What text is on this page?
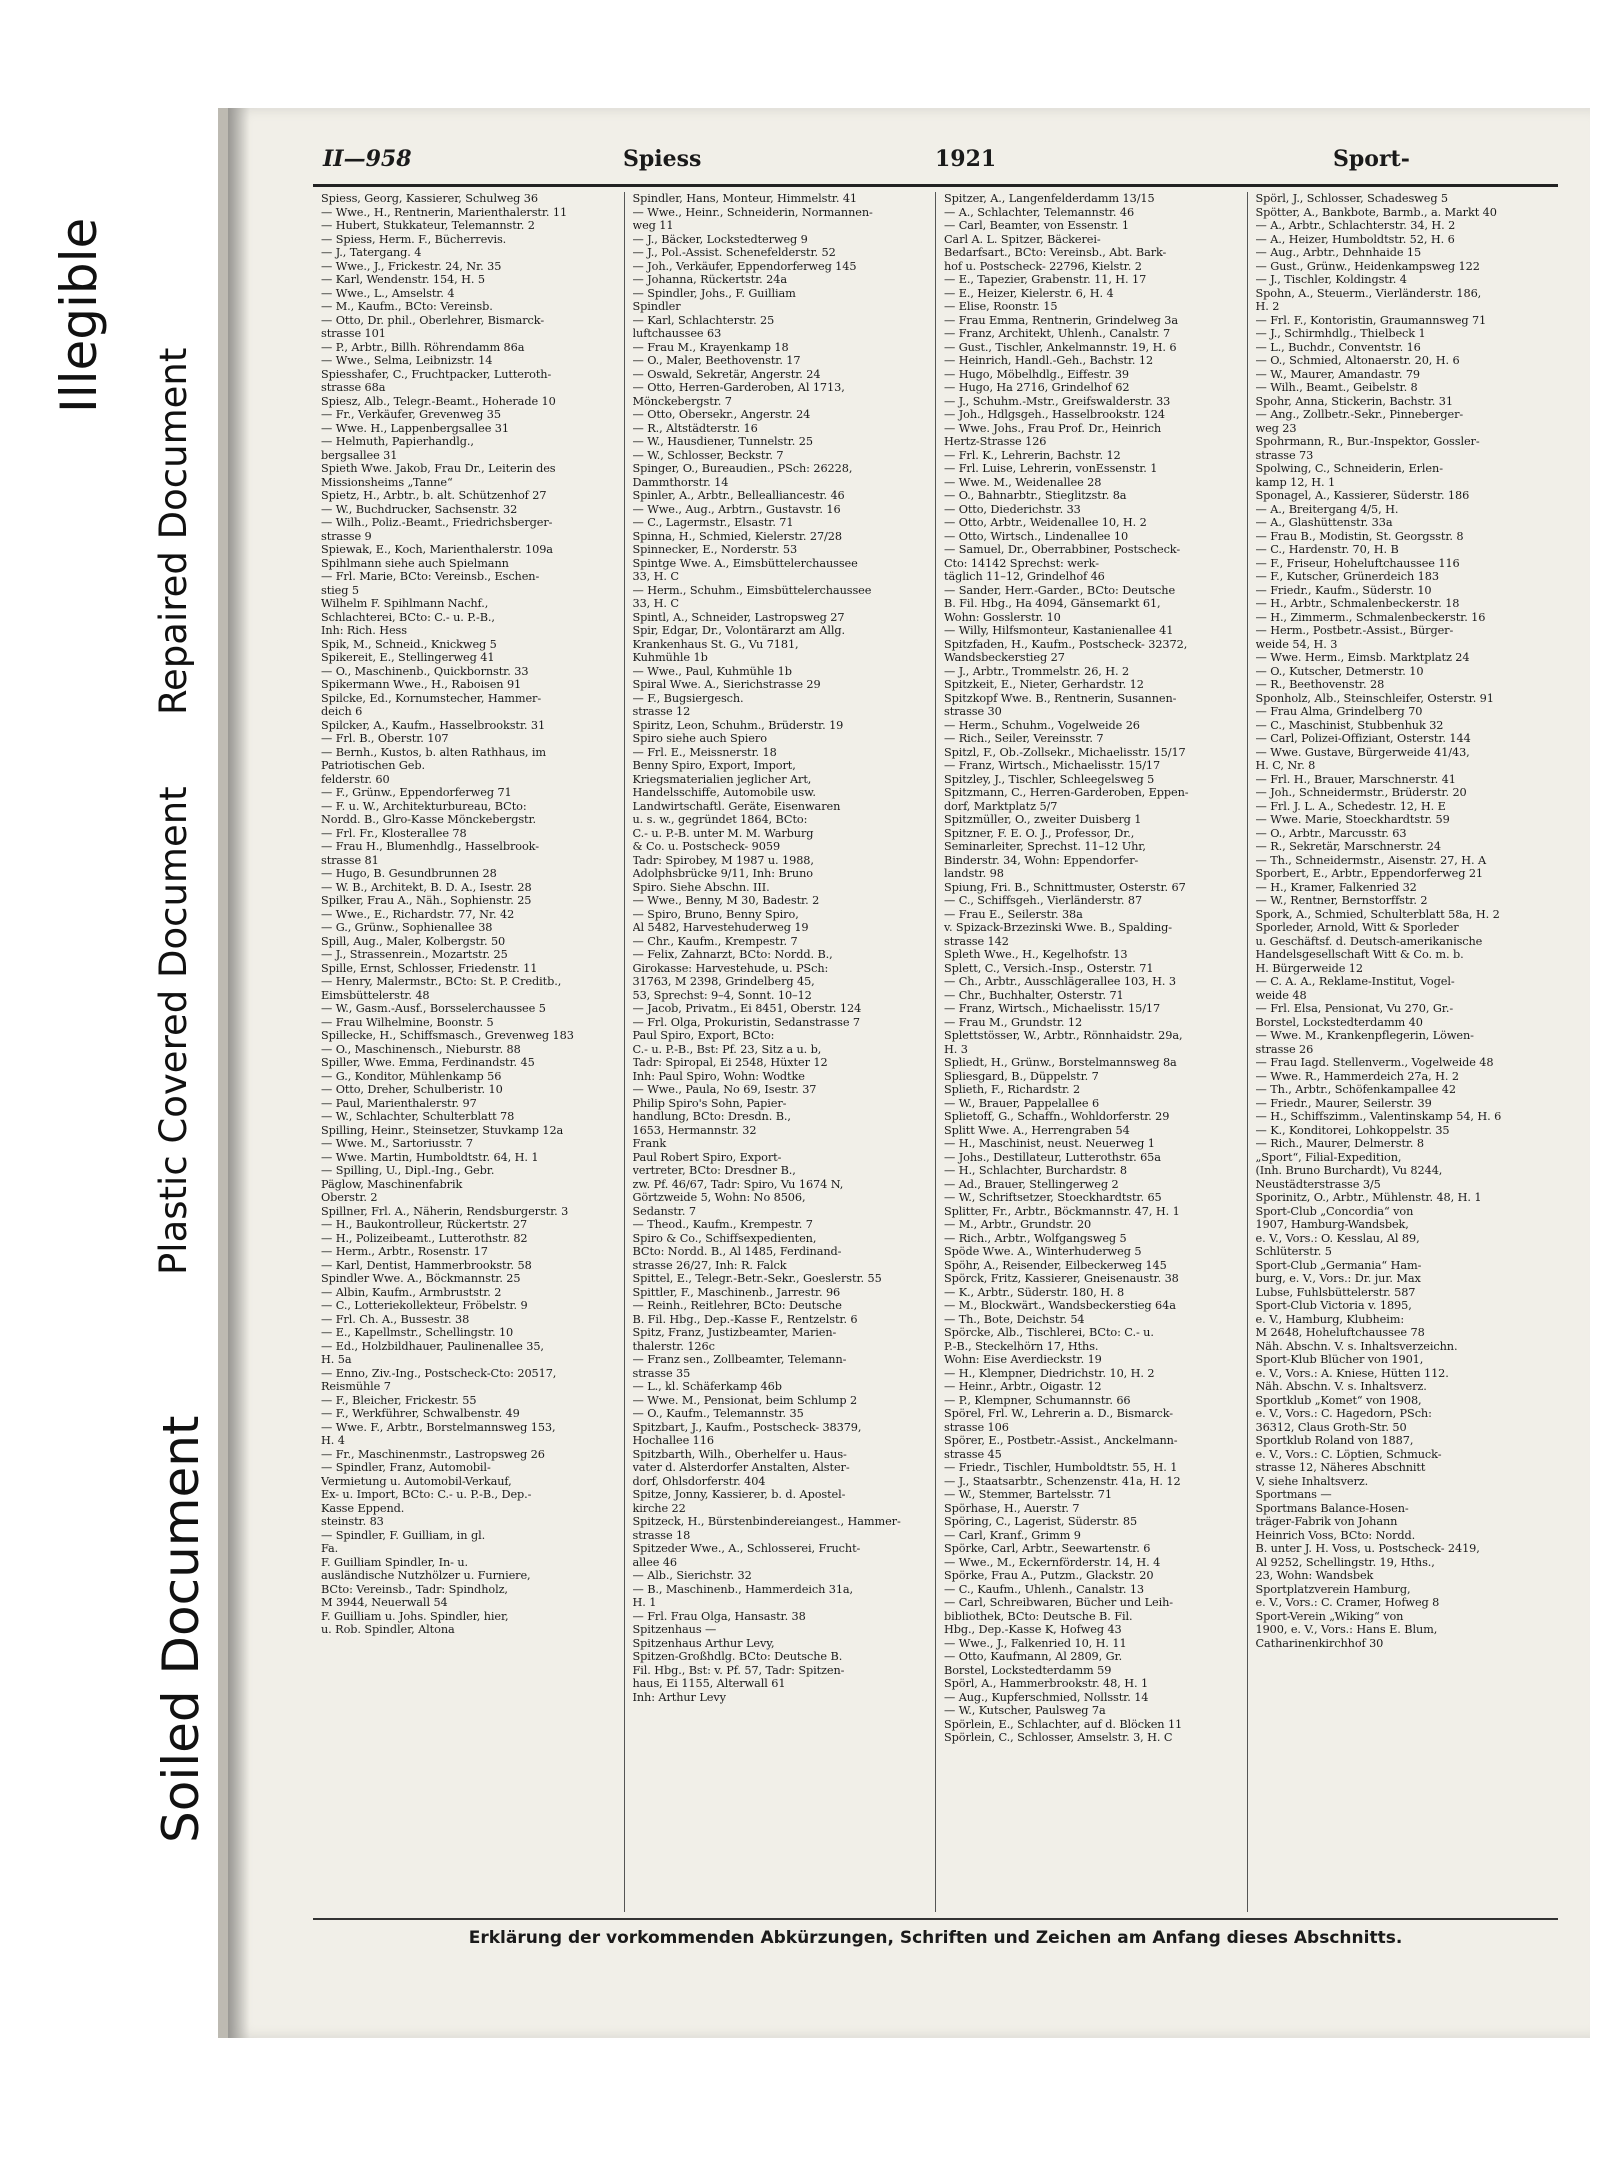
Illegible
Repaired Document
Plastic Covered Document
Soiled Document
II—958	Spiess	1921	Sport-
Spiess, Georg, Kassierer, Schulweg 36
— Wwe., H., Rentnerin, Marienthalerstr. 11
— Hubert, Stukkateur, Telemannstr. 2
— Spiess, Herm. F., Bücherrevis.
— J., Tatergang. 4
— Wwe., J., Frickestr. 24, Nr. 35
— Karl, Wendenstr. 154, H. 5
— Wwe., L., Amselstr. 4
— M., Kaufm., BCto: Vereinsb.
— Otto, Dr. phil., Oberlehrer, Bismarck-
strasse 101
— P., Arbtr., Billh. Röhrendamm 86a
— Wwe., Selma, Leibnizstr. 14
Spiesshafer, C., Fruchtpacker, Lutteroth-
strasse 68a
Spiesz, Alb., Telegr.-Beamt., Hoherade 10
— Fr., Verkäufer, Grevenweg 35
— Wwe. H., Lappenbergsallee 31
— Helmuth, Papierhandlg.,
bergsallee 31
Spieth Wwe. Jakob, Frau Dr., Leiterin des
Missionsheims „Tanne“
Spietz, H., Arbtr., b. alt. Schützenhof 27
— W., Buchdrucker, Sachsenstr. 32
— Wilh., Poliz.-Beamt., Friedrichsberger-
strasse 9
Spiewak, E., Koch, Marienthalerstr. 109a
Spihlmann siehe auch Spielmann
— Frl. Marie, BCto: Vereinsb., Eschen-
stieg 5
Wilhelm F. Spihlmann Nachf.,
Schlachterei, BCto: C.- u. P.-B.,
Inh: Rich. Hess
Spik, M., Schneid., Knickweg 5
Spikereit, E., Stellingerweg 41
— O., Maschinenb., Quickbornstr. 33
Spikermann Wwe., H., Raboisen 91
Spilcke, Ed., Kornumstecher, Hammer-
deich 6
Spilcker, A., Kaufm., Hasselbrookstr. 31
— Frl. B., Oberstr. 107
— Bernh., Kustos, b. alten Rathhaus, im
Patriotischen Geb.
felderstr. 60
— F., Grünw., Eppendorferweg 71
— F. u. W., Architekturbureau, BCto:
Nordd. B., Glro-Kasse Mönckebergstr.
— Frl. Fr., Klosterallee 78
— Frau H., Blumenhdlg., Hasselbrook-
strasse 81
— Hugo, B. Gesundbrunnen 28
— W. B., Architekt, B. D. A., Isestr. 28
Spilker, Frau A., Näh., Sophienstr. 25
— Wwe., E., Richardstr. 77, Nr. 42
— G., Grünw., Sophienallee 38
Spill, Aug., Maler, Kolbergstr. 50
— J., Strassenrein., Mozartstr. 25
Spille, Ernst, Schlosser, Friedenstr. 11
— Henry, Malermstr., BCto: St. P. Creditb.,
Eimsbüttelerstr. 48
— W., Gasm.-Ausf., Borsselerchaussee 5
— Frau Wilhelmine, Boonstr. 5
Spillecke, H., Schiffsmasch., Grevenweg 183
— O., Maschinensch., Nieburstr. 88
Spiller, Wwe. Emma, Ferdinandstr. 45
— G., Konditor, Mühlenkamp 56
— Otto, Dreher, Schulberistr. 10
— Paul, Marienthalerstr. 97
— W., Schlachter, Schulterblatt 78
Spilling, Heinr., Steinsetzer, Stuvkamp 12a
— Wwe. M., Sartoriusstr. 7
— Wwe. Martin, Humboldtstr. 64, H. 1
— Spilling, U., Dipl.-Ing., Gebr.
Päglow, Maschinenfabrik
Oberstr. 2
Spillner, Frl. A., Näherin, Rendsburgerstr. 3
— H., Baukontrolleur, Rückertstr. 27
— H., Polizeibeamt., Lutterothstr. 82
— Herm., Arbtr., Rosenstr. 17
— Karl, Dentist, Hammerbrookstr. 58
Spindler Wwe. A., Böckmannstr. 25
— Albin, Kaufm., Armbruststr. 2
— C., Lotteriekollekteur, Fröbelstr. 9
— Frl. Ch. A., Bussestr. 38
— E., Kapellmstr., Schellingstr. 10
— Ed., Holzbildhauer, Paulinenallee 35,
H. 5a
— Enno, Ziv.-Ing., Postscheck-Cto: 20517,
Reismühle 7
— F., Bleicher, Frickestr. 55
— F., Werkführer, Schwalbenstr. 49
— Wwe. F., Arbtr., Borstelmannsweg 153,
H. 4
— Fr., Maschinenmstr., Lastropsweg 26
— Spindler, Franz, Automobil-
Vermietung u. Automobil-Verkauf,
Ex- u. Import, BCto: C.- u. P.-B., Dep.-
Kasse Eppend.
steinstr. 83
— Spindler, F. Guilliam, in gl.
Fa.
F. Guilliam Spindler, In- u.
ausländische Nutzhölzer u. Furniere,
BCto: Vereinsb., Tadr: Spindholz,
M 3944, Neuerwall 54
F. Guilliam u. Johs. Spindler, hier,
u. Rob. Spindler, Altona
Spindler, Hans, Monteur, Himmelstr. 41
— Wwe., Heinr., Schneiderin, Normannen-
weg 11
— J., Bäcker, Lockstedterweg 9
— J., Pol.-Assist. Schenefelderstr. 52
— Joh., Verkäufer, Eppendorferweg 145
— Johanna, Rückertstr. 24a
— Spindler, Johs., F. Guilliam
Spindler
— Karl, Schlachterstr. 25
luftchaussee 63
— Frau M., Krayenkamp 18
— O., Maler, Beethovenstr. 17
— Oswald, Sekretär, Angerstr. 24
— Otto, Herren-Garderoben, Al 1713,
Mönckebergstr. 7
— Otto, Obersekr., Angerstr. 24
— R., Altstädterstr. 16
— W., Hausdiener, Tunnelstr. 25
— W., Schlosser, Beckstr. 7
Spinger, O., Bureaudien., PSch: 26228,
Dammthorstr. 14
Spinler, A., Arbtr., Bellealliancestr. 46
— Wwe., Aug., Arbtrn., Gustavstr. 16
— C., Lagermstr., Elsastr. 71
Spinna, H., Schmied, Kielerstr. 27/28
Spinnecker, E., Norderstr. 53
Spintge Wwe. A., Eimsbüttelerchaussee
33, H. C
— Herm., Schuhm., Eimsbüttelerchaussee
33, H. C
Spintl, A., Schneider, Lastropsweg 27
Spir, Edgar, Dr., Volontärarzt am Allg.
Krankenhaus St. G., Vu 7181,
Kuhmühle 1b
— Wwe., Paul, Kuhmühle 1b
Spiral Wwe. A., Sierichstrasse 29
— F., Bugsiergesch.
strasse 12
Spiritz, Leon, Schuhm., Brüderstr. 19
Spiro siehe auch Spiero
— Frl. E., Meissnerstr. 18
Benny Spiro, Export, Import,
Kriegsmaterialien jeglicher Art,
Handelsschiffe, Automobile usw.
Landwirtschaftl. Geräte, Eisenwaren
u. s. w., gegründet 1864, BCto:
C.- u. P.-B. unter M. M. Warburg
& Co. u. Postscheck- 9059
Tadr: Spirobey, M 1987 u. 1988,
Adolphsbrücke 9/11, Inh: Bruno
Spiro. Siehe Abschn. III.
— Wwe., Benny, M 30, Badestr. 2
— Spiro, Bruno, Benny Spiro,
Al 5482, Harvestehuderweg 19
— Chr., Kaufm., Krempestr. 7
— Felix, Zahnarzt, BCto: Nordd. B.,
Girokasse: Harvestehude, u. PSch:
31763, M 2398, Grindelberg 45,
53, Sprechst: 9–4, Sonnt. 10–12
— Jacob, Privatm., Ei 8451, Oberstr. 124
— Frl. Olga, Prokuristin, Sedanstrasse 7
Paul Spiro, Export, BCto:
C.- u. P.-B., Bst: Pf. 23, Sitz a u. b,
Tadr: Spiropal, Ei 2548, Hüxter 12
Inh: Paul Spiro, Wohn: Wodtke
— Wwe., Paula, No 69, Isestr. 37
Philip Spiro's Sohn, Papier-
handlung, BCto: Dresdn. B.,
1653, Hermannstr. 32
Frank
Paul Robert Spiro, Export-
vertreter, BCto: Dresdner B.,
zw. Pf. 46/67, Tadr: Spiro, Vu 1674 N,
Görtzweide 5, Wohn: No 8506,
Sedanstr. 7
— Theod., Kaufm., Krempestr. 7
Spiro & Co., Schiffsexpedienten,
BCto: Nordd. B., Al 1485, Ferdinand-
strasse 26/27, Inh: R. Falck
Spittel, E., Telegr.-Betr.-Sekr., Goeslerstr. 55
Spittler, F., Maschinenb., Jarrestr. 96
— Reinh., Reitlehrer, BCto: Deutsche
B. Fil. Hbg., Dep.-Kasse F., Rentzelstr. 6
Spitz, Franz, Justizbeamter, Marien-
thalerstr. 126c
— Franz sen., Zollbeamter, Telemann-
strasse 35
— L., kl. Schäferkamp 46b
— Wwe. M., Pensionat, beim Schlump 2
— O., Kaufm., Telemannstr. 35
Spitzbart, J., Kaufm., Postscheck- 38379,
Hochallee 116
Spitzbarth, Wilh., Oberhelfer u. Haus-
vater d. Alsterdorfer Anstalten, Alster-
dorf, Ohlsdorferstr. 404
Spitze, Jonny, Kassierer, b. d. Apostel-
kirche 22
Spitzeck, H., Bürstenbindereiangest., Hammer-
strasse 18
Spitzeder Wwe., A., Schlosserei, Frucht-
allee 46
— Alb., Sierichstr. 32
— B., Maschinenb., Hammerdeich 31a,
H. 1
— Frl. Frau Olga, Hansastr. 38
Spitzenhaus —
Spitzenhaus Arthur Levy,
Spitzen-Großhdlg. BCto: Deutsche B.
Fil. Hbg., Bst: v. Pf. 57, Tadr: Spitzen-
haus, Ei 1155, Alterwall 61
Inh: Arthur Levy
Spitzer, A., Langenfelderdamm 13/15
— A., Schlachter, Telemannstr. 46
— Carl, Beamter, von Essenstr. 1
Carl A. L. Spitzer, Bäckerei-
Bedarfsart., BCto: Vereinsb., Abt. Bark-
hof u. Postscheck- 22796, Kielstr. 2
— E., Tapezier, Grabenstr. 11, H. 17
— E., Heizer, Kielerstr. 6, H. 4
— Elise, Roonstr. 15
— Frau Emma, Rentnerin, Grindelweg 3a
— Franz, Architekt, Uhlenh., Canalstr. 7
— Gust., Tischler, Ankelmannstr. 19, H. 6
— Heinrich, Handl.-Geh., Bachstr. 12
— Hugo, Möbelhdlg., Eiffestr. 39
— Hugo, Ha 2716, Grindelhof 62
— J., Schuhm.-Mstr., Greifswalderstr. 33
— Joh., Hdlgsgeh., Hasselbrookstr. 124
— Wwe. Johs., Frau Prof. Dr., Heinrich
Hertz-Strasse 126
— Frl. K., Lehrerin, Bachstr. 12
— Frl. Luise, Lehrerin, vonEssenstr. 1
— Wwe. M., Weidenallee 28
— O., Bahnarbtr., Stieglitzstr. 8a
— Otto, Diederichstr. 33
— Otto, Arbtr., Weidenallee 10, H. 2
— Otto, Wirtsch., Lindenallee 10
— Samuel, Dr., Oberrabbiner, Postscheck-
Cto: 14142 Sprechst: werk-
täglich 11–12, Grindelhof 46
— Sander, Herr.-Garder., BCto: Deutsche
B. Fil. Hbg., Ha 4094, Gänsemarkt 61,
Wohn: Gosslerstr. 10
— Willy, Hilfsmonteur, Kastanienallee 41
Spitzfaden, H., Kaufm., Postscheck- 32372,
Wandsbeckerstieg 27
— J., Arbtr., Trommelstr. 26, H. 2
Spitzkeit, E., Nieter, Gerhardstr. 12
Spitzkopf Wwe. B., Rentnerin, Susannen-
strasse 30
— Herm., Schuhm., Vogelweide 26
— Rich., Seiler, Vereinsstr. 7
Spitzl, F., Ob.-Zollsekr., Michaelisstr. 15/17
— Franz, Wirtsch., Michaelisstr. 15/17
Spitzley, J., Tischler, Schleegelsweg 5
Spitzmann, C., Herren-Garderoben, Eppen-
dorf, Marktplatz 5/7
Spitzmüller, O., zweiter Duisberg 1
Spitzner, F. E. O. J., Professor, Dr.,
Seminarleiter, Sprechst. 11–12 Uhr,
Binderstr. 34, Wohn: Eppendorfer-
landstr. 98
Spiung, Fri. B., Schnittmuster, Osterstr. 67
— C., Schiffsgeh., Vierländerstr. 87
— Frau E., Seilerstr. 38a
v. Spizack-Brzezinski Wwe. B., Spalding-
strasse 142
Spleth Wwe., H., Kegelhofstr. 13
Splett, C., Versich.-Insp., Osterstr. 71
— Ch., Arbtr., Ausschlägerallee 103, H. 3
— Chr., Buchhalter, Osterstr. 71
— Franz, Wirtsch., Michaelisstr. 15/17
— Frau M., Grundstr. 12
Splettstösser, W., Arbtr., Rönnhaidstr. 29a,
H. 3
Spliedt, H., Grünw., Borstelmannsweg 8a
Spliesgard, B., Düppelstr. 7
Splieth, F., Richardstr. 2
— W., Brauer, Pappelallee 6
Splietoff, G., Schaffn., Wohldorferstr. 29
Splitt Wwe. A., Herrengraben 54
— H., Maschinist, neust. Neuerweg 1
— Johs., Destillateur, Lutterothstr. 65a
— H., Schlachter, Burchardstr. 8
— Ad., Brauer, Stellingerweg 2
— W., Schriftsetzer, Stoeckhardtstr. 65
Splitter, Fr., Arbtr., Böckmannstr. 47, H. 1
— M., Arbtr., Grundstr. 20
— Rich., Arbtr., Wolfgangsweg 5
Spöde Wwe. A., Winterhuderweg 5
Spöhr, A., Reisender, Eilbeckerweg 145
Spörck, Fritz, Kassierer, Gneisenaustr. 38
— K., Arbtr., Süderstr. 180, H. 8
— M., Blockwärt., Wandsbeckerstieg 64a
— Th., Bote, Deichstr. 54
Spörcke, Alb., Tischlerei, BCto: C.- u.
P.-B., Steckelhörn 17, Hths.
Wohn: Eise Averdieckstr. 19
— H., Klempner, Diedrichstr. 10, H. 2
— Heinr., Arbtr., Oigastr. 12
— P., Klempner, Schumannstr. 66
Spörel, Frl. W., Lehrerin a. D., Bismarck-
strasse 106
Spörer, E., Postbetr.-Assist., Anckelmann-
strasse 45
— Friedr., Tischler, Humboldtstr. 55, H. 1
— J., Staatsarbtr., Schenzenstr. 41a, H. 12
— W., Stemmer, Bartelsstr. 71
Spörhase, H., Auerstr. 7
Spöring, C., Lagerist, Süderstr. 85
— Carl, Kranf., Grimm 9
Spörke, Carl, Arbtr., Seewartenstr. 6
— Wwe., M., Eckernförderstr. 14, H. 4
Spörke, Frau A., Putzm., Glackstr. 20
— C., Kaufm., Uhlenh., Canalstr. 13
— Carl, Schreibwaren, Bücher und Leih-
bibliothek, BCto: Deutsche B. Fil.
Hbg., Dep.-Kasse K, Hofweg 43
— Wwe., J., Falkenried 10, H. 11
— Otto, Kaufmann, Al 2809, Gr.
Borstel, Lockstedterdamm 59
Spörl, A., Hammerbrookstr. 48, H. 1
— Aug., Kupferschmied, Nollsstr. 14
— W., Kutscher, Paulsweg 7a
Spörlein, E., Schlachter, auf d. Blöcken 11
Spörlein, C., Schlosser, Amselstr. 3, H. C
Spörl, J., Schlosser, Schadesweg 5
Spötter, A., Bankbote, Barmb., a. Markt 40
— A., Arbtr., Schlachterstr. 34, H. 2
— A., Heizer, Humboldtstr. 52, H. 6
— Aug., Arbtr., Dehnhaide 15
— Gust., Grünw., Heidenkampsweg 122
— J., Tischler, Koldingstr. 4
Spohn, A., Steuerm., Vierländerstr. 186,
H. 2
— Frl. F., Kontoristin, Graumannsweg 71
— J., Schirmhdlg., Thielbeck 1
— L., Buchdr., Conventstr. 16
— O., Schmied, Altonaerstr. 20, H. 6
— W., Maurer, Amandastr. 79
— Wilh., Beamt., Geibelstr. 8
Spohr, Anna, Stickerin, Bachstr. 31
— Ang., Zollbetr.-Sekr., Pinneberger-
weg 23
Spohrmann, R., Bur.-Inspektor, Gossler-
strasse 73
Spolwing, C., Schneiderin, Erlen-
kamp 12, H. 1
Sponagel, A., Kassierer, Süderstr. 186
— A., Breitergang 4/5, H.
— A., Glashüttenstr. 33a
— Frau B., Modistin, St. Georgsstr. 8
— C., Hardenstr. 70, H. B
— F., Friseur, Hoheluftchaussee 116
— F., Kutscher, Grünerdeich 183
— Friedr., Kaufm., Süderstr. 10
— H., Arbtr., Schmalenbeckerstr. 18
— H., Zimmerm., Schmalenbeckerstr. 16
— Herm., Postbetr.-Assist., Bürger-
weide 54, H. 3
— Wwe. Herm., Eimsb. Marktplatz 24
— O., Kutscher, Detmerstr. 10
— R., Beethovenstr. 28
Sponholz, Alb., Steinschleifer, Osterstr. 91
— Frau Alma, Grindelberg 70
— C., Maschinist, Stubbenhuk 32
— Carl, Polizei-Offiziant, Osterstr. 144
— Wwe. Gustave, Bürgerweide 41/43,
H. C, Nr. 8
— Frl. H., Brauer, Marschnerstr. 41
— Joh., Schneidermstr., Brüderstr. 20
— Frl. J. L. A., Schedestr. 12, H. E
— Wwe. Marie, Stoeckhardtstr. 59
— O., Arbtr., Marcusstr. 63
— R., Sekretär, Marschnerstr. 24
— Th., Schneidermstr., Aisenstr. 27, H. A
Sporbert, E., Arbtr., Eppendorferweg 21
— H., Kramer, Falkenried 32
— W., Rentner, Bernstorffstr. 2
Spork, A., Schmied, Schulterblatt 58a, H. 2
Sporleder, Arnold, Witt & Sporleder
u. Geschäftsf. d. Deutsch-amerikanische
Handelsgesellschaft Witt & Co. m. b.
H. Bürgerweide 12
— C. A. A., Reklame-Institut, Vogel-
weide 48
— Frl. Elsa, Pensionat, Vu 270, Gr.-
Borstel, Lockstedterdamm 40
— Wwe. M., Krankenpflegerin, Löwen-
strasse 26
— Frau Iagd. Stellenverm., Vogelweide 48
— Wwe. R., Hammerdeich 27a, H. 2
— Th., Arbtr., Schöfenkampallee 42
— Friedr., Maurer, Seilerstr. 39
— H., Schiffszimm., Valentinskamp 54, H. 6
— K., Konditorei, Lohkoppelstr. 35
— Rich., Maurer, Delmerstr. 8
„Sport“, Filial-Expedition,
(Inh. Bruno Burchardt), Vu 8244,
Neustädterstrasse 3/5
Sporinitz, O., Arbtr., Mühlenstr. 48, H. 1
Sport-Club „Concordia“ von
1907, Hamburg-Wandsbek,
e. V., Vors.: O. Kesslau, Al 89,
Schlüterstr. 5
Sport-Club „Germania“ Ham-
burg, e. V., Vors.: Dr. jur. Max
Lubse, Fuhlsbüttelerstr. 587
Sport-Club Victoria v. 1895,
e. V., Hamburg, Klubheim:
M 2648, Hoheluftchaussee 78
Näh. Abschn. V. s. Inhaltsverzeichn.
Sport-Klub Blücher von 1901,
e. V., Vors.: A. Kniese, Hütten 112.
Näh. Abschn. V. s. Inhaltsverz.
Sportklub „Komet“ von 1908,
e. V., Vors.: C. Hagedorn, PSch:
36312, Claus Groth-Str. 50
Sportklub Roland von 1887,
e. V., Vors.: C. Löptien, Schmuck-
strasse 12, Näheres Abschnitt
V, siehe Inhaltsverz.
Sportmans —
Sportmans Balance-Hosen-
träger-Fabrik von Johann
Heinrich Voss, BCto: Nordd.
B. unter J. H. Voss, u. Postscheck- 2419,
Al 9252, Schellingstr. 19, Hths.,
23, Wohn: Wandsbek
Sportplatzverein Hamburg,
e. V., Vors.: C. Cramer, Hofweg 8
Sport-Verein „Wiking“ von
1900, e. V., Vors.: Hans E. Blum,
Catharinenkirchhof 30
Erklärung der vorkommenden Abkürzungen, Schriften und Zeichen am Anfang dieses Abschnitts.
